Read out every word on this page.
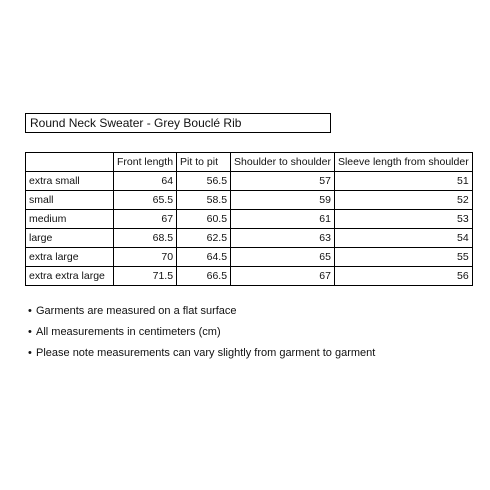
Round Neck Sweater - Grey Bouclé Rib
	Front length	Pit to pit	Shoulder to shoulder	Sleeve length from shoulder
extra small	64	56.5	57	51
small	65.5	58.5	59	52
medium	67	60.5	61	53
large	68.5	62.5	63	54
extra large	70	64.5	65	55
extra extra large	71.5	66.5	67	56
• Garments are measured on a flat surface
• All measurements in centimeters (cm)
• Please note measurements can vary slightly from garment to garment
